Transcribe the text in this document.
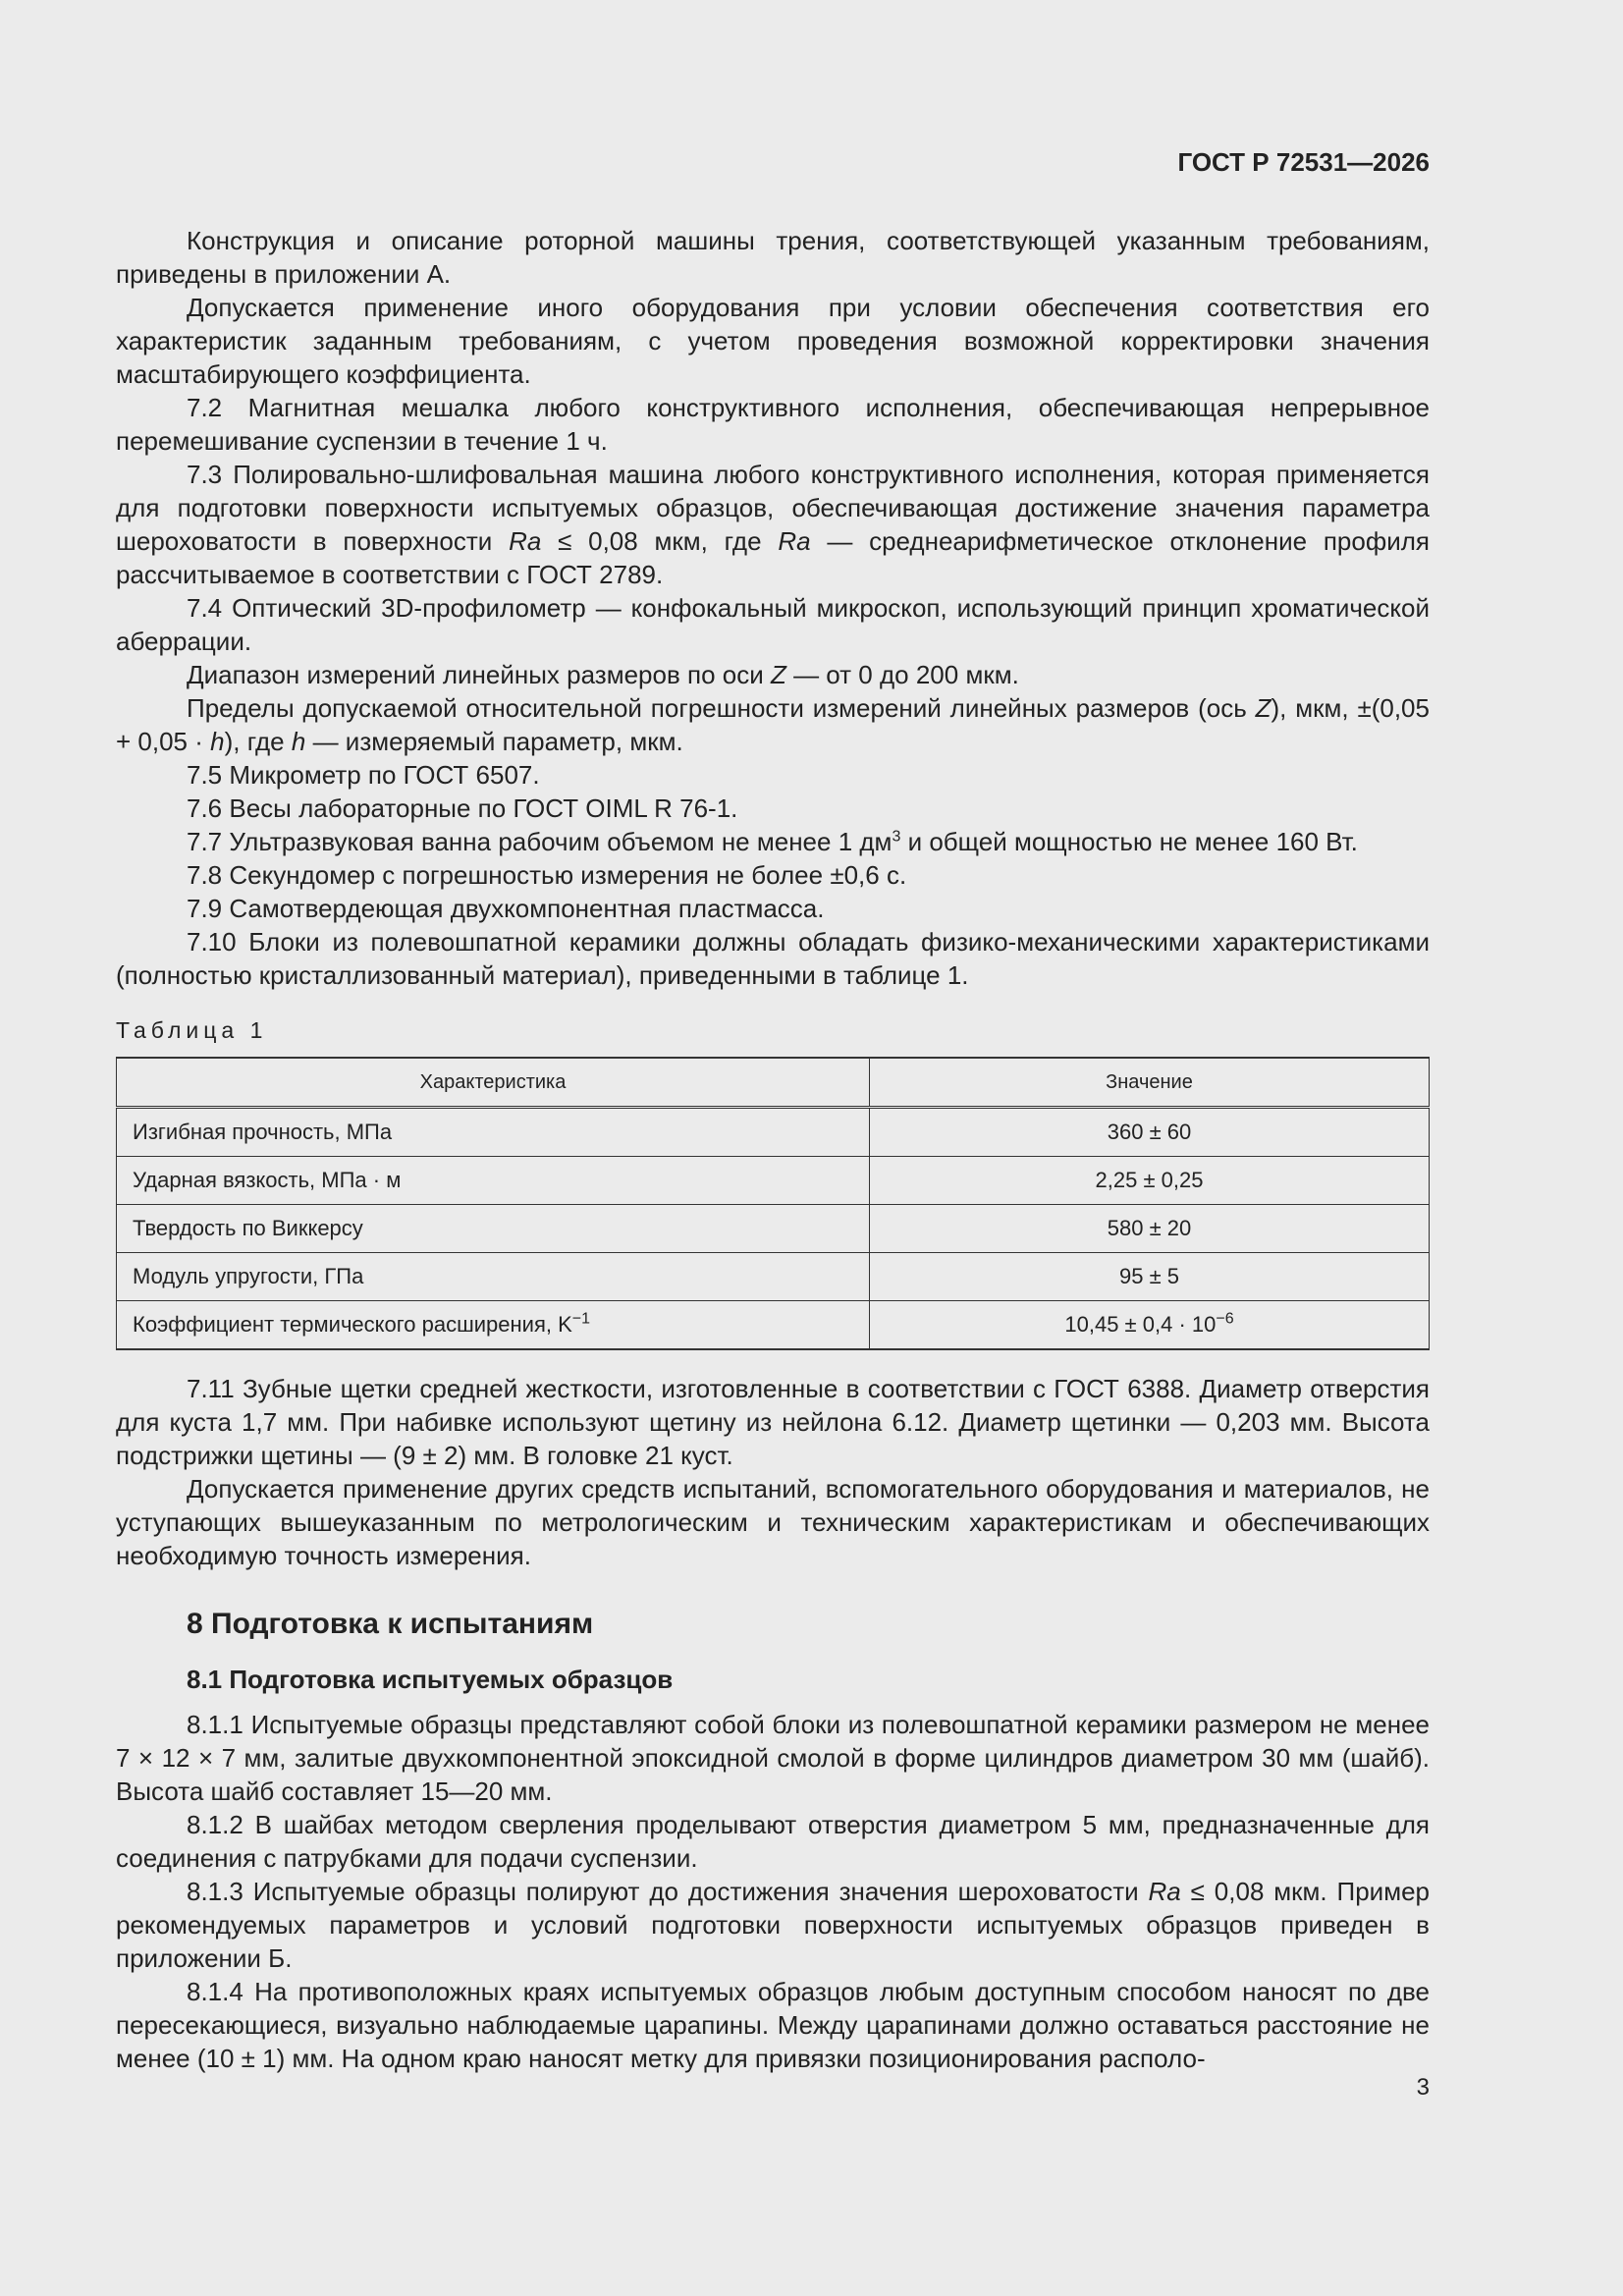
ГОСТ Р 72531—2026

Конструкция и описание роторной машины трения, соответствующей указанным требованиям, приведены в приложении А.

Допускается применение иного оборудования при условии обеспечения соответствия его характеристик заданным требованиям, с учетом проведения возможной корректировки значения масштабирующего коэффициента.

7.2 Магнитная мешалка любого конструктивного исполнения, обеспечивающая непрерывное перемешивание суспензии в течение 1 ч.

7.3 Полировально-шлифовальная машина любого конструктивного исполнения, которая применяется для подготовки поверхности испытуемых образцов, обеспечивающая достижение значения параметра шероховатости в поверхности Ra ≤ 0,08 мкм, где Ra — среднеарифметическое отклонение профиля рассчитываемое в соответствии с ГОСТ 2789.

7.4 Оптический 3D-профилометр — конфокальный микроскоп, использующий принцип хроматической аберрации.

Диапазон измерений линейных размеров по оси Z — от 0 до 200 мкм.

Пределы допускаемой относительной погрешности измерений линейных размеров (ось Z), мкм, ±(0,05 + 0,05 · h), где h — измеряемый параметр, мкм.

7.5 Микрометр по ГОСТ 6507.

7.6 Весы лабораторные по ГОСТ OIML R 76-1.

7.7 Ультразвуковая ванна рабочим объемом не менее 1 $дм^3$ и общей мощностью не менее 160 Вт.

7.8 Секундомер с погрешностью измерения не более ±0,6 с.

7.9 Самотвердеющая двухкомпонентная пластмасса.

7.10 Блоки из полевошпатной керамики должны обладать физико-механическими характеристиками (полностью кристаллизованный материал), приведенными в таблице 1.

Таблица 1
Характеристика	Значение
Изгибная прочность, МПа	360 ± 60
Ударная вязкость, МПа · м	2,25 ± 0,25
Твердость по Виккерсу	580 ± 20
Модуль упругости, ГПа	95 ± 5
Коэффициент термического расширения, $K^{-1}$	$10,45 \pm 0,4 \cdot 10^{-6}$

7.11 Зубные щетки средней жесткости, изготовленные в соответствии с ГОСТ 6388. Диаметр отверстия для куста 1,7 мм. При набивке используют щетину из нейлона 6.12. Диаметр щетинки — 0,203 мм. Высота подстрижки щетины — (9 ± 2) мм. В головке 21 куст.

Допускается применение других средств испытаний, вспомогательного оборудования и материалов, не уступающих вышеуказанным по метрологическим и техническим характеристикам и обеспечивающих необходимую точность измерения.

8 Подготовка к испытаниям
8.1 Подготовка испытуемых образцов

8.1.1 Испытуемые образцы представляют собой блоки из полевошпатной керамики размером не менее 7 × 12 × 7 мм, залитые двухкомпонентной эпоксидной смолой в форме цилиндров диаметром 30 мм (шайб). Высота шайб составляет 15—20 мм.

8.1.2 В шайбах методом сверления проделывают отверстия диаметром 5 мм, предназначенные для соединения с патрубками для подачи суспензии.

8.1.3 Испытуемые образцы полируют до достижения значения шероховатости Ra ≤ 0,08 мкм. Пример рекомендуемых параметров и условий подготовки поверхности испытуемых образцов приведен в приложении Б.

8.1.4 На противоположных краях испытуемых образцов любым доступным способом наносят по две пересекающиеся, визуально наблюдаемые царапины. Между царапинами должно оставаться расстояние не менее (10 ± 1) мм. На одном краю наносят метку для привязки позиционирования располо-

3
